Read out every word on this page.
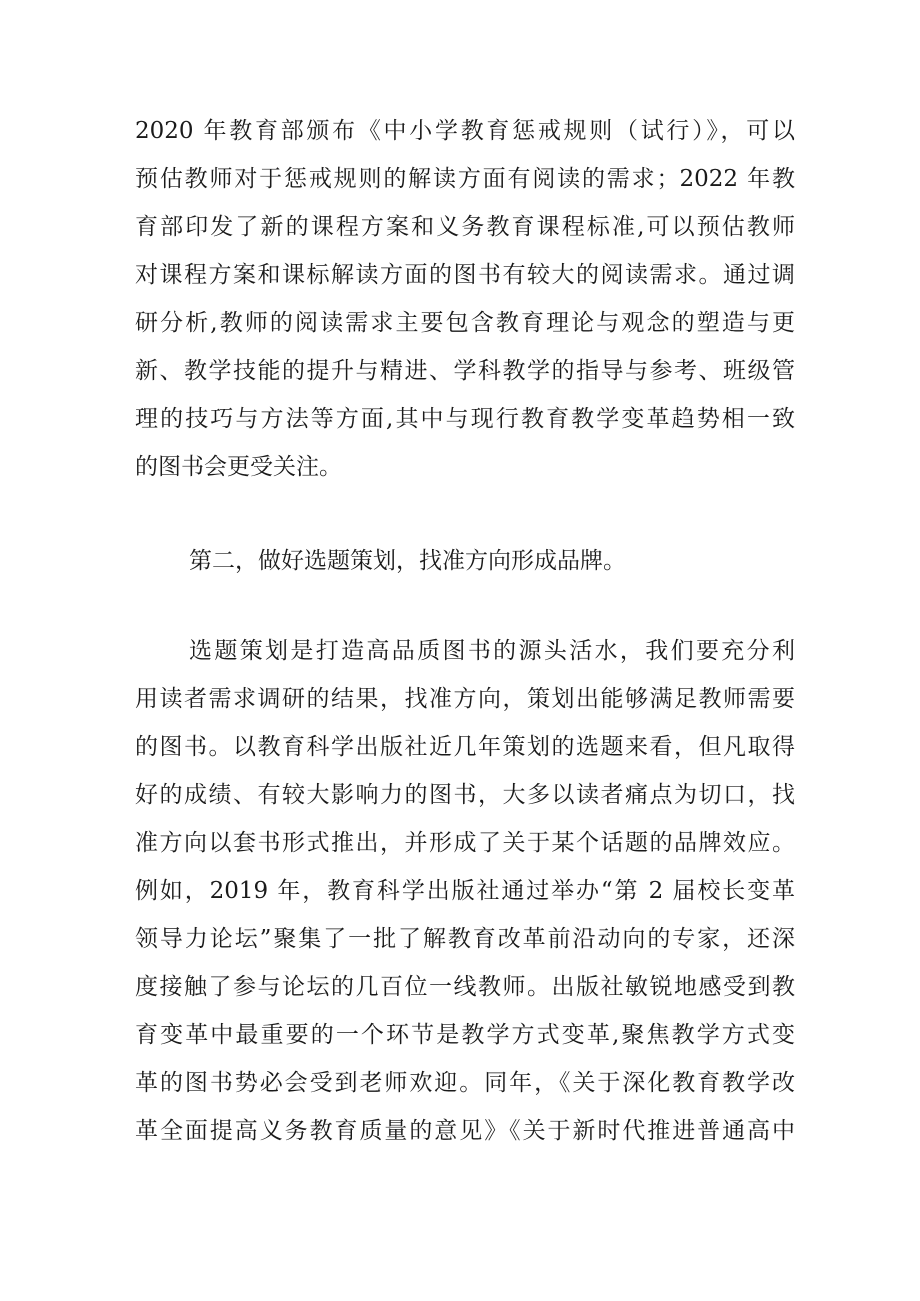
2020 年教育部颁布《中小学教育惩戒规则（试行）》，可以
预估教师对于惩戒规则的解读方面有阅读的需求；2022 年教
育部印发了新的课程方案和义务教育课程标准,可以预估教师
对课程方案和课标解读方面的图书有较大的阅读需求。通过调
研分析,教师的阅读需求主要包含教育理论与观念的塑造与更
新、教学技能的提升与精进、学科教学的指导与参考、班级管
理的技巧与方法等方面,其中与现行教育教学变革趋势相一致
的图书会更受关注。
第二，做好选题策划，找准方向形成品牌。
选题策划是打造高品质图书的源头活水，我们要充分利
用读者需求调研的结果，找准方向，策划出能够满足教师需要
的图书。以教育科学出版社近几年策划的选题来看，但凡取得
好的成绩、有较大影响力的图书，大多以读者痛点为切口，找
准方向以套书形式推出，并形成了关于某个话题的品牌效应。
例如，2019 年，教育科学出版社通过举办“第 2 届校长变革
领导力论坛”聚集了一批了解教育改革前沿动向的专家，还深
度接触了参与论坛的几百位一线教师。出版社敏锐地感受到教
育变革中最重要的一个环节是教学方式变革,聚焦教学方式变
革的图书势必会受到老师欢迎。同年，《关于深化教育教学改
革全面提高义务教育质量的意见》《关于新时代推进普通高中
